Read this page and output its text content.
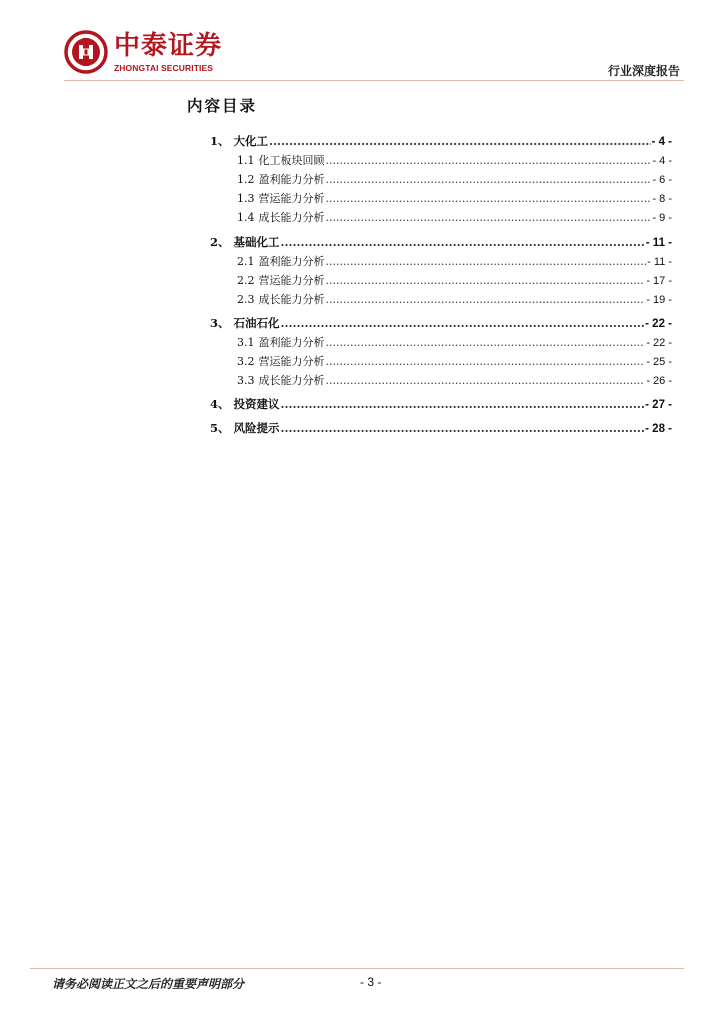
中泰证券
ZHONGTAI SECURITIES	行业深度报告
内容目录
1、 大化工 .....	- 4 -
1.1 化工板块回顾 .....	- 4 -
1.2 盈利能力分析 .....	- 6 -
1.3 营运能力分析 .....	- 8 -
1.4 成长能力分析 .....	- 9 -
2、 基础化工 .....	- 11 -
2.1 盈利能力分析 .....	- 11 -
2.2 营运能力分析 .....	- 17 -
2.3 成长能力分析 .....	- 19 -
3、 石油石化 .....	- 22 -
3.1 盈利能力分析 .....	- 22 -
3.2 营运能力分析 .....	- 25 -
3.3 成长能力分析 .....	- 26 -
4、 投资建议 .....	- 27 -
5、 风险提示 .....	- 28 -
请务必阅读正文之后的重要声明部分	- 3 -
